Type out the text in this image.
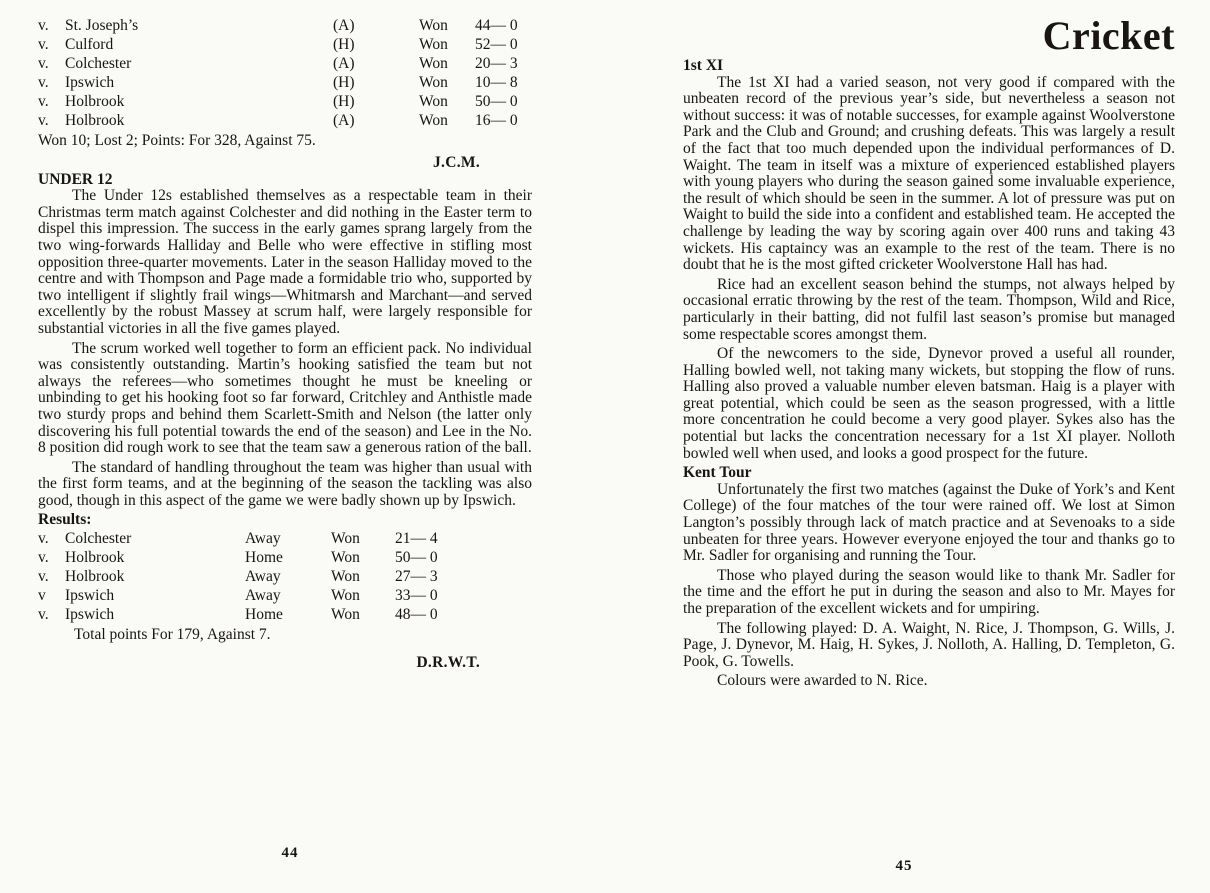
v.	St. Joseph’s	(A)	Won	44— 0
v.	Culford	(H)	Won	52— 0
v.	Colchester	(A)	Won	20— 3
v.	Ipswich	(H)	Won	10— 8
v.	Holbrook	(H)	Won	50— 0
v.	Holbrook	(A)	Won	16— 0

Won 10; Lost 2; Points: For 328, Against 75.

J.C.M.

UNDER 12

The Under 12s established themselves as a respectable team in their Christmas term match against Colchester and did nothing in the Easter term to dispel this impression. The success in the early games sprang largely from the two wing-forwards Halliday and Belle who were effective in stifling most opposition three-quarter movements. Later in the season Halliday moved to the centre and with Thompson and Page made a formidable trio who, supported by two intelligent if slightly frail wings—Whitmarsh and Marchant—and served excellently by the robust Massey at scrum half, were largely responsible for substantial victories in all the five games played.

The scrum worked well together to form an efficient pack. No individual was consistently outstanding. Martin’s hooking satisfied the team but not always the referees—who sometimes thought he must be kneeling or unbinding to get his hooking foot so far forward, Critchley and Anthistle made two sturdy props and behind them Scarlett-Smith and Nelson (the latter only discovering his full potential towards the end of the season) and Lee in the No. 8 position did rough work to see that the team saw a generous ration of the ball.

The standard of handling throughout the team was higher than usual with the first form teams, and at the beginning of the season the tackling was also good, though in this aspect of the game we were badly shown up by Ipswich.

Results:
v.	Colchester	Away	Won	21— 4
v.	Holbrook	Home	Won	50— 0
v.	Holbrook	Away	Won	27— 3
v	Ipswich	Away	Won	33— 0
v.	Ipswich	Home	Won	48— 0

Total points For 179, Against 7.

D.R.W.T.

44
Cricket
1st XI

The 1st XI had a varied season, not very good if compared with the unbeaten record of the previous year’s side, but nevertheless a season not without success: it was of notable successes, for example against Woolverstone Park and the Club and Ground; and crushing defeats. This was largely a result of the fact that too much depended upon the individual performances of D. Waight. The team in itself was a mixture of experienced established players with young players who during the season gained some invaluable experience, the result of which should be seen in the summer. A lot of pressure was put on Waight to build the side into a confident and established team. He accepted the challenge by leading the way by scoring again over 400 runs and taking 43 wickets. His captaincy was an example to the rest of the team. There is no doubt that he is the most gifted cricketer Woolverstone Hall has had.

Rice had an excellent season behind the stumps, not always helped by occasional erratic throwing by the rest of the team. Thompson, Wild and Rice, particularly in their batting, did not fulfil last season’s promise but managed some respectable scores amongst them.

Of the newcomers to the side, Dynevor proved a useful all rounder, Halling bowled well, not taking many wickets, but stopping the flow of runs. Halling also proved a valuable number eleven batsman. Haig is a player with great potential, which could be seen as the season progressed, with a little more concentration he could become a very good player. Sykes also has the potential but lacks the concentration necessary for a 1st XI player. Nolloth bowled well when used, and looks a good prospect for the future.

Kent Tour

Unfortunately the first two matches (against the Duke of York’s and Kent College) of the four matches of the tour were rained off. We lost at Simon Langton’s possibly through lack of match practice and at Sevenoaks to a side unbeaten for three years. However everyone enjoyed the tour and thanks go to Mr. Sadler for organising and running the Tour.

Those who played during the season would like to thank Mr. Sadler for the time and the effort he put in during the season and also to Mr. Mayes for the preparation of the excellent wickets and for umpiring.

The following played: D. A. Waight, N. Rice, J. Thompson, G. Wills, J. Page, J. Dynevor, M. Haig, H. Sykes, J. Nolloth, A. Halling, D. Templeton, G. Pook, G. Towells.

Colours were awarded to N. Rice.

45
